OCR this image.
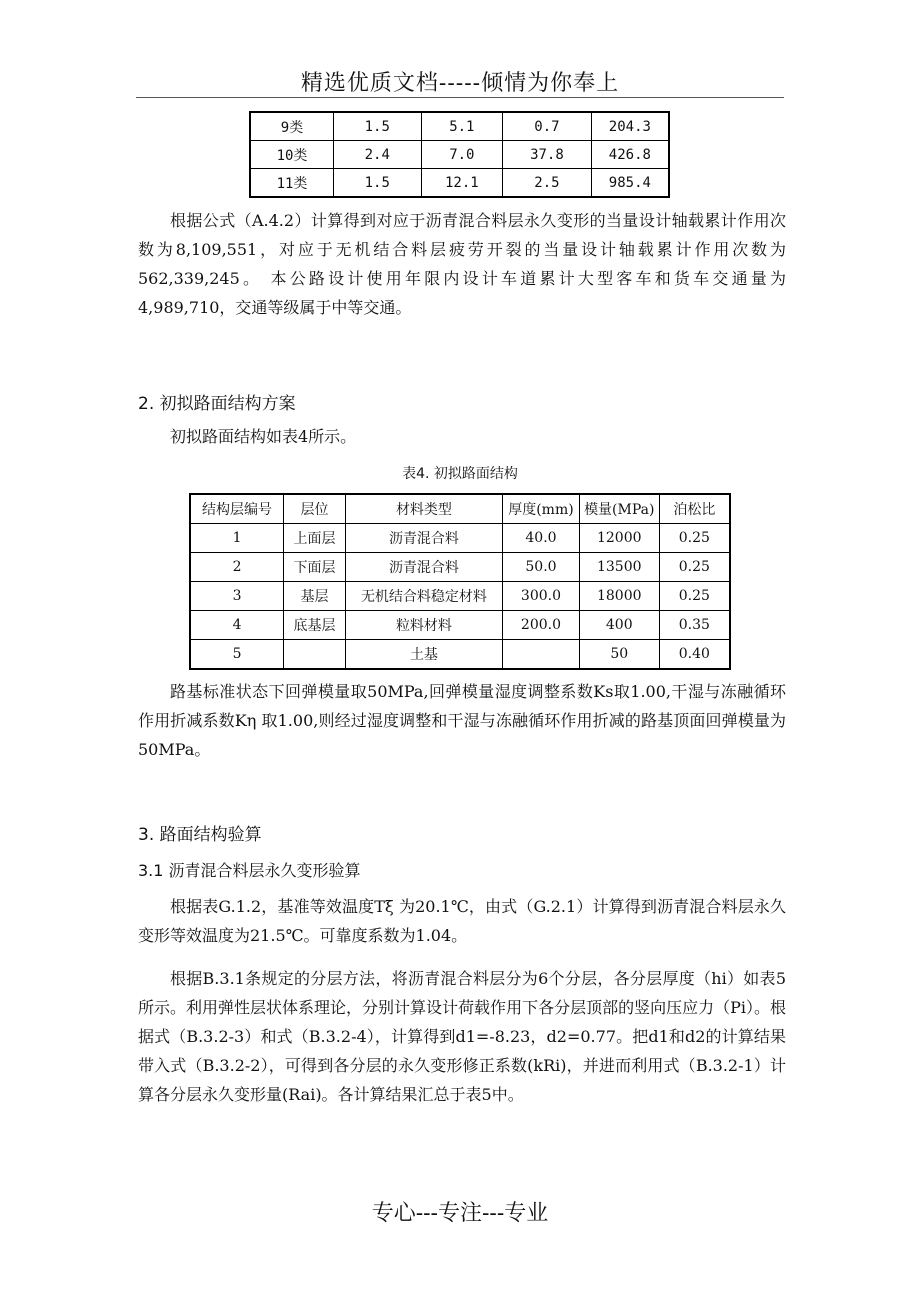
精选优质文档-----倾情为你奉上
9类	1.5	5.1	0.7	204.3
10类	2.4	7.0	37.8	426.8
11类	1.5	12.1	2.5	985.4

根据公式（A.4.2）计算得到对应于沥青混合料层永久变形的当量设计轴载累计作用次数为8,109,551，对应于无机结合料层疲劳开裂的当量设计轴载累计作用次数为562,339,245。 本公路设计使用年限内设计车道累计大型客车和货车交通量为4,989,710，交通等级属于中等交通。

2. 初拟路面结构方案

初拟路面结构如表4所示。

表4. 初拟路面结构
结构层编号	层位	材料类型	厚度(mm)	模量(MPa)	泊松比
1	上面层	沥青混合料	40.0	12000	0.25
2	下面层	沥青混合料	50.0	13500	0.25
3	基层	无机结合料稳定材料	300.0	18000	0.25
4	底基层	粒料材料	200.0	400	0.35
5		土基		50	0.40

路基标准状态下回弹模量取50MPa,回弹模量湿度调整系数Ks取1.00,干湿与冻融循环作用折减系数Kη 取1.00,则经过湿度调整和干湿与冻融循环作用折减的路基顶面回弹模量为50MPa。

3. 路面结构验算
3.1 沥青混合料层永久变形验算

根据表G.1.2，基准等效温度Tξ 为20.1℃，由式（G.2.1）计算得到沥青混合料层永久变形等效温度为21.5℃。可靠度系数为1.04。

根据B.3.1条规定的分层方法，将沥青混合料层分为6个分层，各分层厚度（hi）如表5所示。利用弹性层状体系理论，分别计算设计荷载作用下各分层顶部的竖向压应力（Pi）。根据式（B.3.2-3）和式（B.3.2-4），计算得到d1=-8.23，d2=0.77。把d1和d2的计算结果带入式（B.3.2-2），可得到各分层的永久变形修正系数(kRi)，并进而利用式（B.3.2-1）计算各分层永久变形量(Rai)。各计算结果汇总于表5中。

专心---专注---专业
